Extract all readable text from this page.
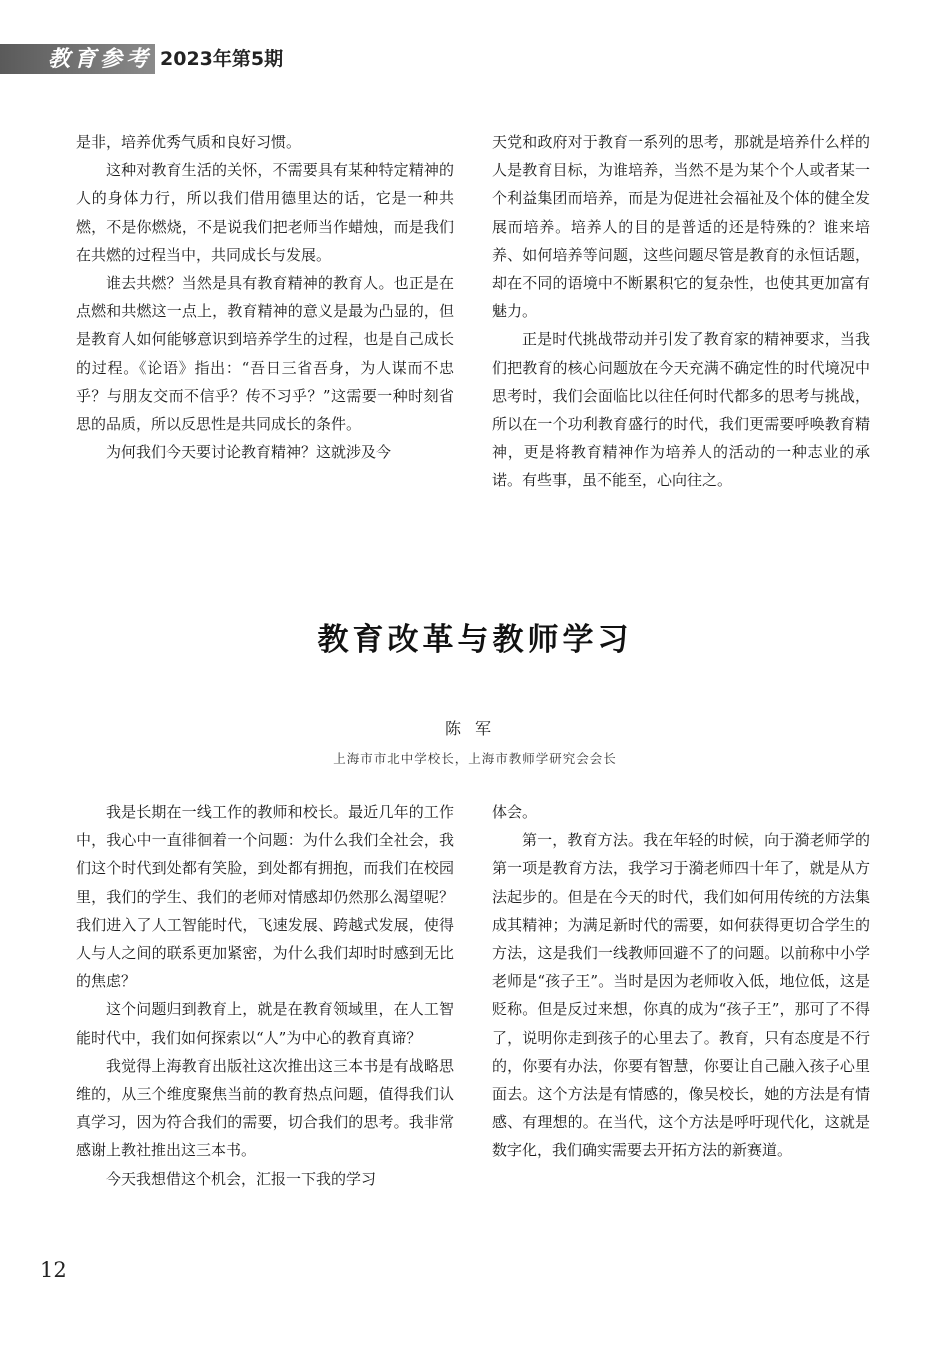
教育参考 2023年第5期

是非，培养优秀气质和良好习惯。

这种对教育生活的关怀，不需要具有某种特定精神的人的身体力行，所以我们借用德里达的话，它是一种共燃，不是你燃烧，不是说我们把老师当作蜡烛，而是我们在共燃的过程当中，共同成长与发展。

谁去共燃？当然是具有教育精神的教育人。也正是在点燃和共燃这一点上，教育精神的意义是最为凸显的，但是教育人如何能够意识到培养学生的过程，也是自己成长的过程。《论语》指出：“吾日三省吾身，为人谋而不忠乎？与朋友交而不信乎？传不习乎？”这需要一种时刻省思的品质，所以反思性是共同成长的条件。

为何我们今天要讨论教育精神？这就涉及今

天党和政府对于教育一系列的思考，那就是培养什么样的人是教育目标，为谁培养，当然不是为某个个人或者某一个利益集团而培养，而是为促进社会福祉及个体的健全发展而培养。培养人的目的是普适的还是特殊的？谁来培养、如何培养等问题，这些问题尽管是教育的永恒话题，却在不同的语境中不断累积它的复杂性，也使其更加富有魅力。

正是时代挑战带动并引发了教育家的精神要求，当我们把教育的核心问题放在今天充满不确定性的时代境况中思考时，我们会面临比以往任何时代都多的思考与挑战，所以在一个功利教育盛行的时代，我们更需要呼唤教育精神，更是将教育精神作为培养人的活动的一种志业的承诺。有些事，虽不能至，心向往之。

教育改革与教师学习
陈军
上海市市北中学校长，上海市教师学研究会会长

我是长期在一线工作的教师和校长。最近几年的工作中，我心中一直徘徊着一个问题：为什么我们全社会，我们这个时代到处都有笑脸，到处都有拥抱，而我们在校园里，我们的学生、我们的老师对情感却仍然那么渴望呢？我们进入了人工智能时代，飞速发展、跨越式发展，使得人与人之间的联系更加紧密，为什么我们却时时感到无比的焦虑？

这个问题归到教育上，就是在教育领域里，在人工智能时代中，我们如何探索以“人”为中心的教育真谛？

我觉得上海教育出版社这次推出这三本书是有战略思维的，从三个维度聚焦当前的教育热点问题，值得我们认真学习，因为符合我们的需要，切合我们的思考。我非常感谢上教社推出这三本书。

今天我想借这个机会，汇报一下我的学习

体会。

第一，教育方法。我在年轻的时候，向于漪老师学的第一项是教育方法，我学习于漪老师四十年了，就是从方法起步的。但是在今天的时代，我们如何用传统的方法集成其精神；为满足新时代的需要，如何获得更切合学生的方法，这是我们一线教师回避不了的问题。以前称中小学老师是“孩子王”。当时是因为老师收入低，地位低，这是贬称。但是反过来想，你真的成为“孩子王”，那可了不得了，说明你走到孩子的心里去了。教育，只有态度是不行的，你要有办法，你要有智慧，你要让自己融入孩子心里面去。这个方法是有情感的，像吴校长，她的方法是有情感、有理想的。在当代，这个方法是呼吁现代化，这就是数字化，我们确实需要去开拓方法的新赛道。

12
